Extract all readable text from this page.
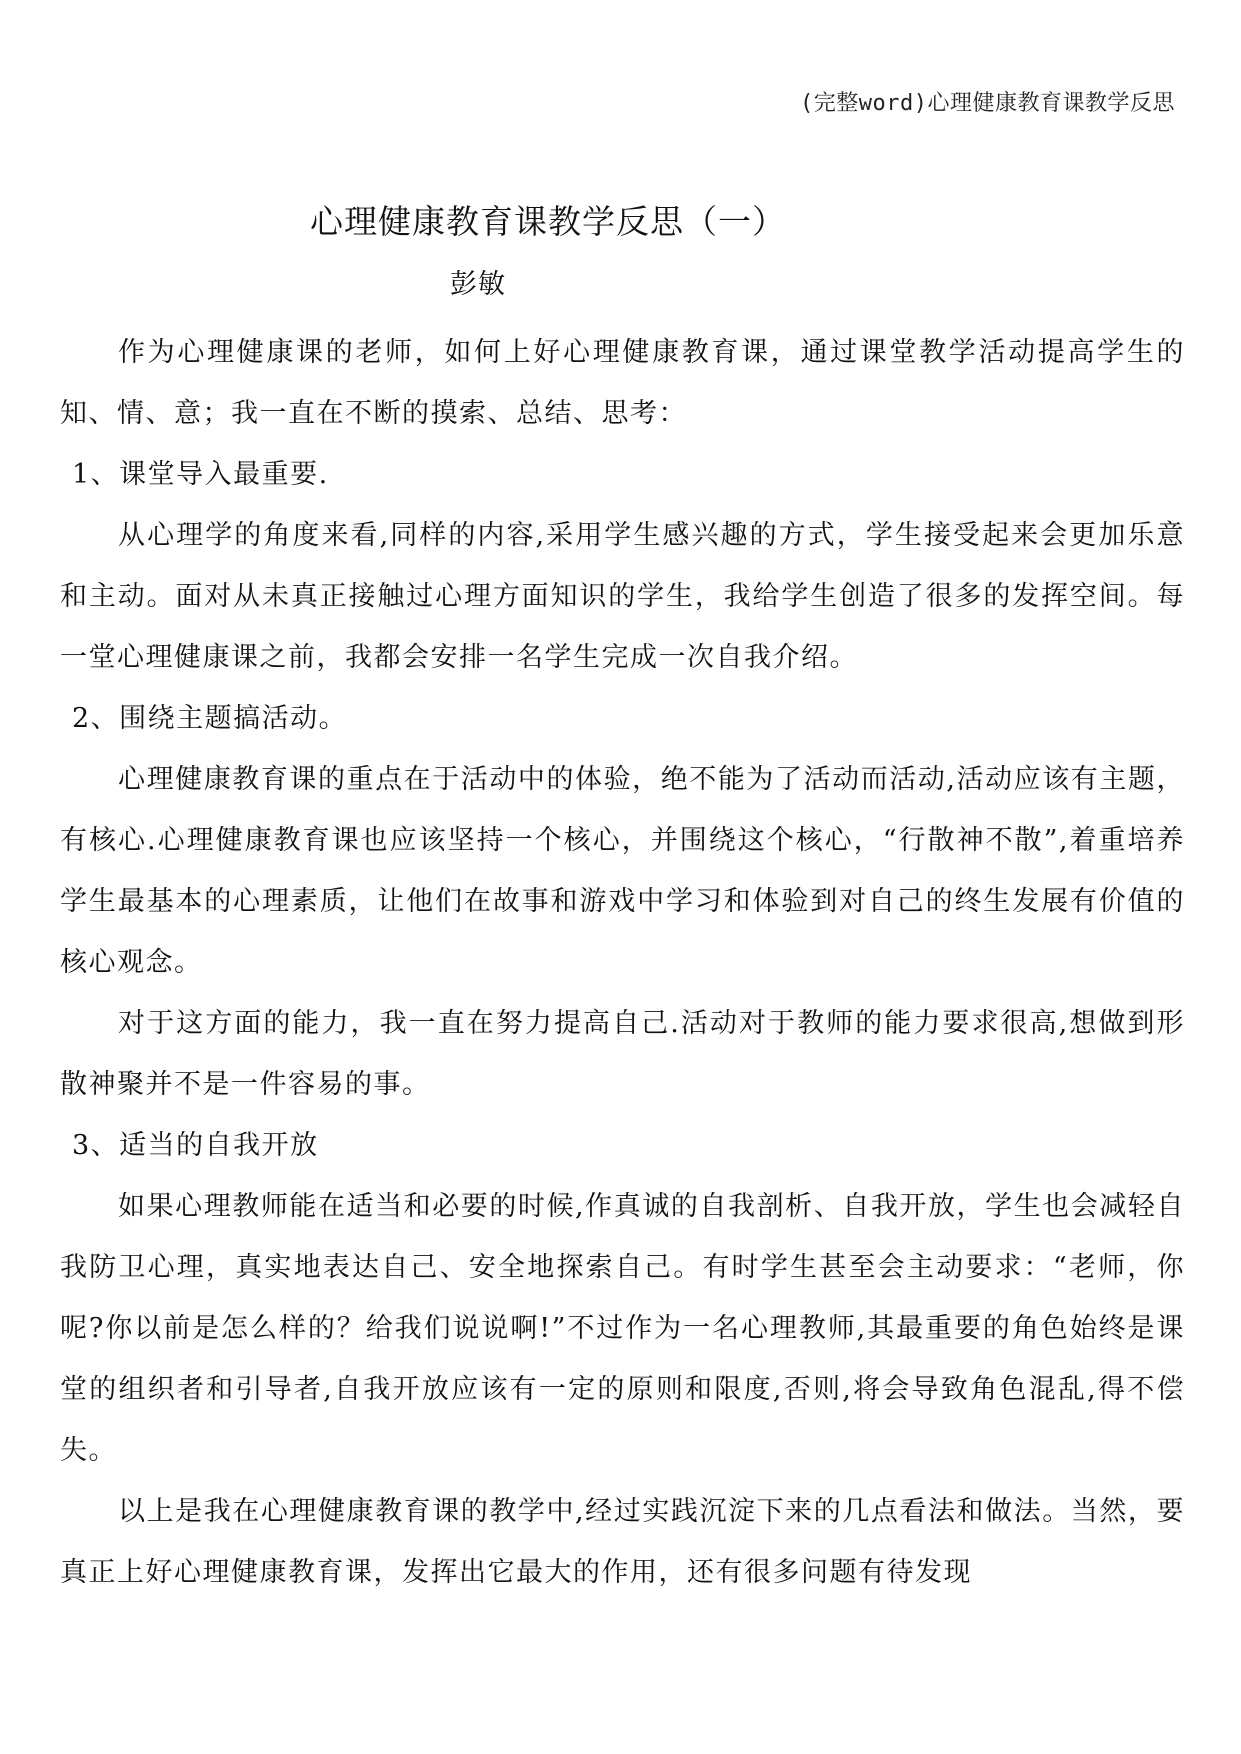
(完整word)心理健康教育课教学反思
心理健康教育课教学反思（一）
彭敏

作为心理健康课的老师，如何上好心理健康教育课，通过课堂教学活动提高学生的知、情、意；我一直在不断的摸索、总结、思考：

1、课堂导入最重要.

从心理学的角度来看,同样的内容,采用学生感兴趣的方式，学生接受起来会更加乐意和主动。面对从未真正接触过心理方面知识的学生，我给学生创造了很多的发挥空间。每一堂心理健康课之前，我都会安排一名学生完成一次自我介绍。

2、围绕主题搞活动。

心理健康教育课的重点在于活动中的体验，绝不能为了活动而活动,活动应该有主题，有核心.心理健康教育课也应该坚持一个核心，并围绕这个核心，“行散神不散”,着重培养学生最基本的心理素质，让他们在故事和游戏中学习和体验到对自己的终生发展有价值的核心观念。

对于这方面的能力，我一直在努力提高自己.活动对于教师的能力要求很高,想做到形散神聚并不是一件容易的事。

3、适当的自我开放

如果心理教师能在适当和必要的时候,作真诚的自我剖析、自我开放，学生也会减轻自我防卫心理，真实地表达自己、安全地探索自己。有时学生甚至会主动要求：“老师，你呢?你以前是怎么样的？给我们说说啊!”不过作为一名心理教师,其最重要的角色始终是课堂的组织者和引导者,自我开放应该有一定的原则和限度,否则,将会导致角色混乱,得不偿失。

以上是我在心理健康教育课的教学中,经过实践沉淀下来的几点看法和做法。当然，要真正上好心理健康教育课，发挥出它最大的作用，还有很多问题有待发现
